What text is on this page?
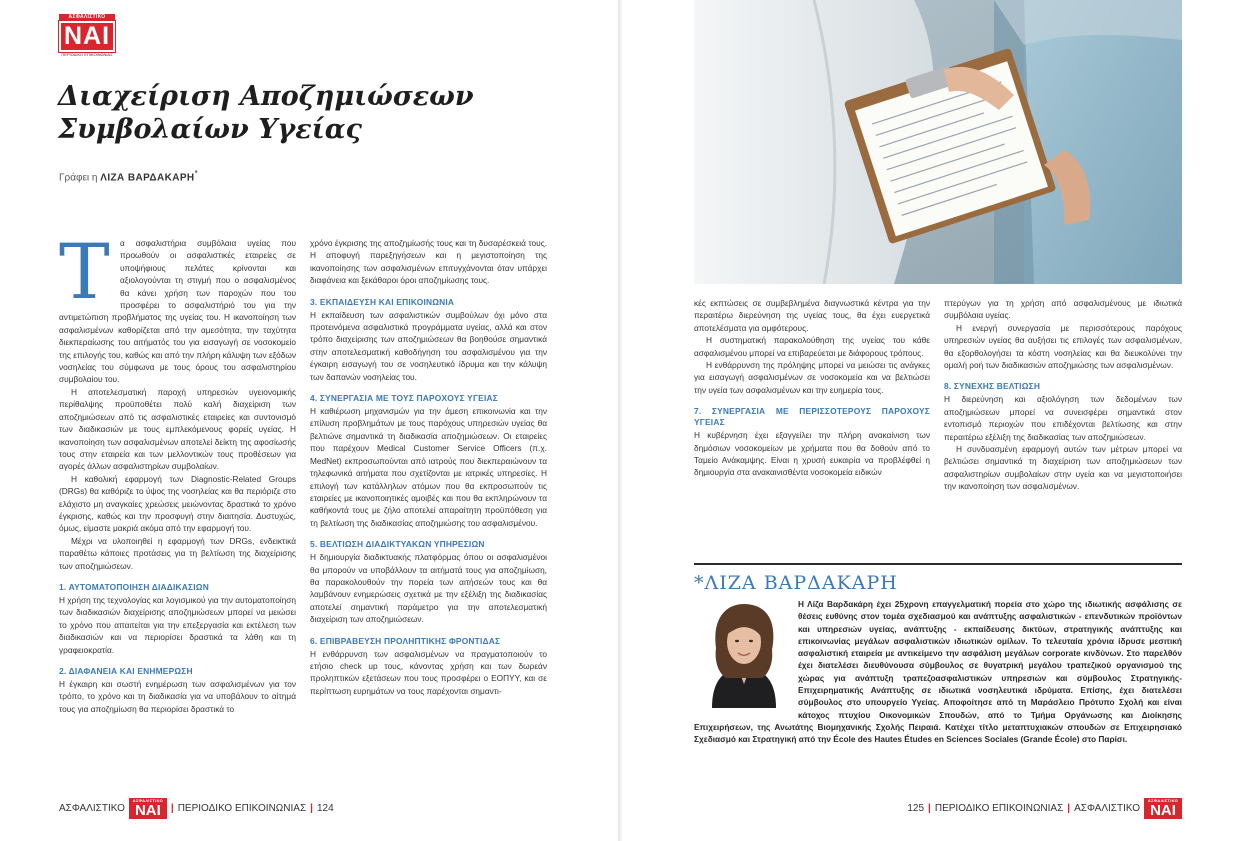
ΑΣΦΑΛΙΣΤΙΚΟ
ΝΑΙ
ΠΕΡΙΟΔΙΚΟ ΕΠΙΚΟΙΝΩΝΙΑΣ
Διαχείριση Αποζημιώσεων
Συμβολαίων Υγείας
Γράφει η ΛΙΖΑ ΒΑΡΔΑΚΑΡΗ*
Τ	α ασφαλιστήρια συμβόλαια υγείας που προωθούν οι ασφαλιστικές εταιρείες σε υποψήφιους πελάτες κρίνονται και αξιολογούνται τη στιγμή που ο ασφαλισμένος θα κάνει χρήση των παροχών που του προσφέρει το ασφαλιστήριό του για την αντιμετώπιση προβλήματος της υγείας του. Η ικανοποίηση των ασφαλισμένων καθορίζεται από την αμεσότητα, την ταχύτητα διεκπεραίωσης του αιτήματός του για εισαγωγή σε νοσοκομείο της επιλογής του, καθώς και από την πλήρη κάλυψη των εξόδων νοσηλείας του σύμφωνα με τους όρους του ασφαλιστηρίου συμβολαίου του.

Η αποτελεσματική παροχή υπηρεσιών υγειονομικής περίθαλψης προϋποθέτει πολύ καλή διαχείριση των αποζημιώσεων από τις ασφαλιστικές εταιρείες και συντονισμό των διαδικασιών με τους εμπλεκόμενους φορείς υγείας. Η ικανοποίηση των ασφαλισμένων αποτελεί δείκτη της αφοσίωσής τους στην εταιρεία και των μελλοντικών τους προθέσεων για αγορές άλλων ασφαλιστηρίων συμβολαίων.

Η καθολική εφαρμογή των Diagnostic-Related Groups (DRGs) θα καθόριζε το ύψος της νοσηλείας και θα περιόριζε στο ελάχιστο μη αναγκαίες χρεώσεις μειώνοντας δραστικά το χρόνο έγκρισης, καθώς και την προσφυγή στην διαιτησία. Δυστυχώς, όμως, είμαστε μακριά ακόμα από την εφαρμογή του.

Μέχρι να υλοποιηθεί η εφαρμογή των DRGs, ενδεικτικά παραθέτω κάποιες προτάσεις για τη βελτίωση της διαχείρισης των αποζημιώσεων.

1. ΑΥΤΟΜΑΤΟΠΟΙΗΣΗ ΔΙΑΔΙΚΑΣΙΩΝ

Η χρήση της τεχνολογίας και λογισμικού για την αυτοματοποίηση των διαδικασιών διαχείρισης αποζημιώσεων μπορεί να μειώσει το χρόνο που απαιτείται για την επεξεργασία και εκτέλεση των διαδικασιών και να περιορίσει δραστικά τα λάθη και τη γραφειοκρατία.

2. ΔΙΑΦΑΝΕΙΑ ΚΑΙ ΕΝΗΜΕΡΩΣΗ

Η έγκαιρη και σωστή ενημέρωση των ασφαλισμένων για τον τρόπο, το χρόνο και τη διαδικασία για να υποβάλουν το αίτημά τους για αποζημίωση θα περιορίσει δραστικά το

χρόνο έγκρισης της αποζημίωσής τους και τη δυσαρέσκειά τους. Η αποφυγή παρεξηγήσεων και η μεγιστοποίηση της ικανοποίησης των ασφαλισμένων επιτυγχάνονται όταν υπάρχει διαφάνεια και ξεκάθαροι όροι αποζημίωσης τους.

3. ΕΚΠΑΙΔΕΥΣΗ ΚΑΙ ΕΠΙΚΟΙΝΩΝΙΑ

Η εκπαίδευση των ασφαλιστικών συμβούλων όχι μόνο στα προτεινόμενα ασφαλιστικά προγράμματα υγείας, αλλά και στον τρόπο διαχείρισης των αποζημιώσεων θα βοηθούσε σημαντικά στην αποτελεσματική καθοδήγηση του ασφαλισμένου για την έγκαιρη εισαγωγή του σε νοσηλευτικό ίδρυμα και την κάλυψη των δαπανών νοσηλείας του.

4. ΣΥΝΕΡΓΑΣΙΑ ΜΕ ΤΟΥΣ ΠΑΡΟΧΟΥΣ ΥΓΕΙΑΣ

Η καθιέρωση μηχανισμών για την άμεση επικοινωνία και την επίλυση προβλημάτων με τους παρόχους υπηρεσιών υγείας θα βελτιώνε σημαντικά τη διαδικασία αποζημιώσεων. Οι εταιρείες που παρέχουν Medical Customer Service Officers (π.χ. MedNet) εκπροσωπούνται από ιατρούς που διεκπεραιώνουν τα τηλεφωνικά αιτήματα που σχετίζονται με ιατρικές υπηρεσίες. Η επιλογή των κατάλληλων ατόμων που θα εκπροσωπούν τις εταιρείες με ικανοποιητικές αμοιβές και που θα εκπληρώνουν τα καθήκοντά τους με ζήλο αποτελεί απαραίτητη προϋπόθεση για τη βελτίωση της διαδικασίας αποζημιώσης του ασφαλισμένου.

5. ΒΕΛΤΙΩΣΗ ΔΙΑΔΙΚΤΥΑΚΩΝ ΥΠΗΡΕΣΙΩΝ

Η δημιουργία διαδικτυακής πλατφόρμας όπου οι ασφαλισμένοι θα μπορούν να υποβάλλουν τα αιτήματά τους για αποζημίωση, θα παρακολουθούν την πορεία των αιτήσεών τους και θα λαμβάνουν ενημερώσεις σχετικά με την εξέλιξη της διαδικασίας αποτελεί σημαντική παράμετρο για την αποτελεσματική διαχείριση των αποζημιώσεων.

6. ΕΠΙΒΡΑΒΕΥΣΗ ΠΡΟΛΗΠΤΙΚΗΣ ΦΡΟΝΤΙΔΑΣ

Η ενθάρρυνση των ασφαλισμένων να πραγματοποιούν το ετήσιο check up τους, κάνοντας χρήση και των δωρεάν προληπτικών εξετάσεων που τους προσφέρει ο ΕΟΠΥΥ, και σε περίπτωση ευρημάτων να τους παρέχονται σημαντι-

κές εκπτώσεις σε συμβεβλημένα διαγνωστικά κέντρα για την περαιτέρω διερεύνηση της υγείας τους, θα έχει ευεργετικά αποτελέσματα για αμφότερους.

Η συστηματική παρακολούθηση της υγείας του κάθε ασφαλισμένου μπορεί να επιβαρεύεται με διάφορους τρόπους.

Η ενθάρρυνση της πρόληψης μπορεί να μειώσει τις ανάγκες για εισαγωγή ασφαλισμένων σε νοσοκομεία και να βελτιώσει την υγεία των ασφαλισμένων και την ευημερία τους.

7. ΣΥΝΕΡΓΑΣΙΑ ΜΕ ΠΕΡΙΣΣΟΤΕΡΟΥΣ ΠΑΡΟΧΟΥΣ ΥΓΕΙΑΣ

Η κυβέρνηση έχει εξαγγείλει την πλήρη ανακαίνιση των δημόσιων νοσοκομείων με χρήματα που θα δοθούν από το Ταμείο Ανάκαμψης. Είναι η χρυσή ευκαιρία να προβλέφθεί η δημιουργία στα ανακαινισθέντα νοσοκομεία ειδικών

πτερύγων για τη χρήση από ασφαλισμένους με ιδιωτικά συμβόλαια υγείας.

Η ενεργή συνεργασία με περισσότερους παρόχους υπηρεσιών υγείας θα αυξήσει τις επιλογές των ασφαλισμένων, θα εξορθολογήσει τα κόστη νοσηλείας και θα διευκολύνει την ομαλή ροή των διαδικασιών αποζημιώσης των ασφαλισμένων.

8. ΣΥΝΕΧΗΣ ΒΕΛΤΙΩΣΗ

Η διερεύνηση και αξιολόγηση των δεδομένων των αποζημιώσεων μπορεί να συνεισφέρει σημαντικά στον εντοπισμό περιοχών που επιδέχονται βελτίωσης και στην περαιτέρω εξέλιξη της διαδικασίας των αποζημιώσεων.

Η συνδυασμένη εφαρμογή αυτών των μέτρων μπορεί να βελτιώσει σημαντικά τη διαχείριση των αποζημιώσεων των ασφαλιστηρίων συμβολαίων στην υγεία και να μεγιστοποιήσει την ικανοποίηση των ασφαλισμένων.

*ΛΙΖΑ ΒΑΡΔΑΚΑΡΗ
Η Λίζα Βαρδακάρη έχει 25χρονη επαγγελματική πορεία στο χώρο της ιδιωτικής ασφάλισης σε θέσεις ευθύνης στον τομέα σχεδιασμού και ανάπτυξης ασφαλιστικών - επενδυτικών προϊόντων και υπηρεσιών υγείας, ανάπτυξης - εκπαίδευσης δικτύων, στρατηγικής ανάπτυξης και επικοινωνίας μεγάλων ασφαλιστικών ιδιωτικών ομίλων. Το τελευταία χρόνια ίδρυσε μεσιτική ασφαλιστική εταιρεία με αντικείμενο την ασφάλιση μεγάλων corporate κινδύνων. Στο παρελθόν έχει διατελέσει διευθύνουσα σύμβουλος σε θυγατρική μεγάλου τραπεζικού οργανισμού της χώρας για ανάπτυξη τραπεζοασφαλιστικών υπηρεσιών και σύμβουλος Στρατηγικής-Επιχειρηματικής Ανάπτυξης σε ιδιωτικά νοσηλευτικά ιδρύματα. Επίσης, έχει διατελέσει σύμβουλος στο υπουργείο Υγείας. Αποφοίτησε από τη Μαράσλειο Πρότυπο Σχολή και είναι κάτοχος πτυχίου Οικονομικών Σπουδών, από το Τμήμα Οργάνωσης και Διοίκησης Επιχειρήσεων, της Ανωτάτης Βιομηχανικής Σχολής Πειραιά. Κατέχει τίτλο μεταπτυχιακών σπουδών σε Επιχειρησιακό Σχεδιασμό και Στρατηγική από την École des Hautes Études en Sciences Sociales (Grande École) στο Παρίσι.
ΑΣΦΑΛΙΣΤΙΚΟ
ΑΣΦΑΛΙΣΤΙΚΟ
ΝΑΙ	| ΠΕΡΙΟΔΙΚΟ ΕΠΙΚΟΙΝΩΝΙΑΣ | 124	125 | ΠΕΡΙΟΔΙΚΟ ΕΠΙΚΟΙΝΩΝΙΑΣ | ΑΣΦΑΛΙΣΤΙΚΟ
ΑΣΦΑΛΙΣΤΙΚΟ
ΝΑΙ
